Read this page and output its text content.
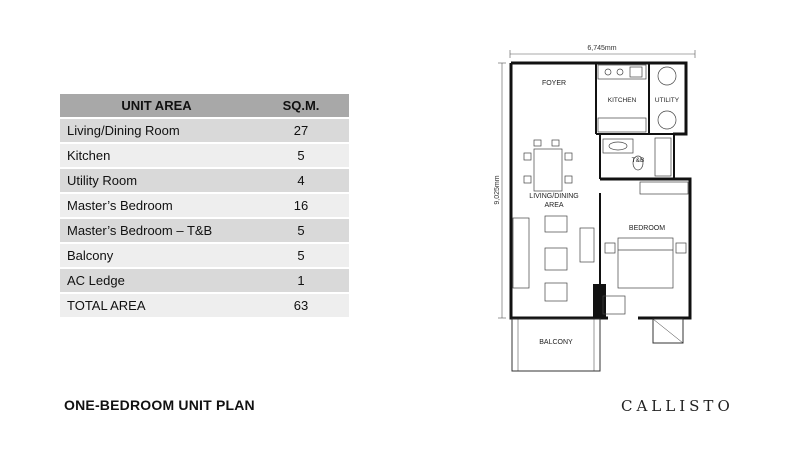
UNIT AREA	SQ.M.
Living/Dining Room	27
Kitchen	5
Utility Room	4
Master’s Bedroom	16
Master’s Bedroom – T&B	5
Balcony	5
AC Ledge	1
TOTAL AREA	63
ONE-BEDROOM UNIT PLAN	CALLISTO
6,745mm
9,025mm
FOYER
KITCHEN	UTILITY
T&B
LIVING/DINING
AREA
BEDROOM
BALCONY
